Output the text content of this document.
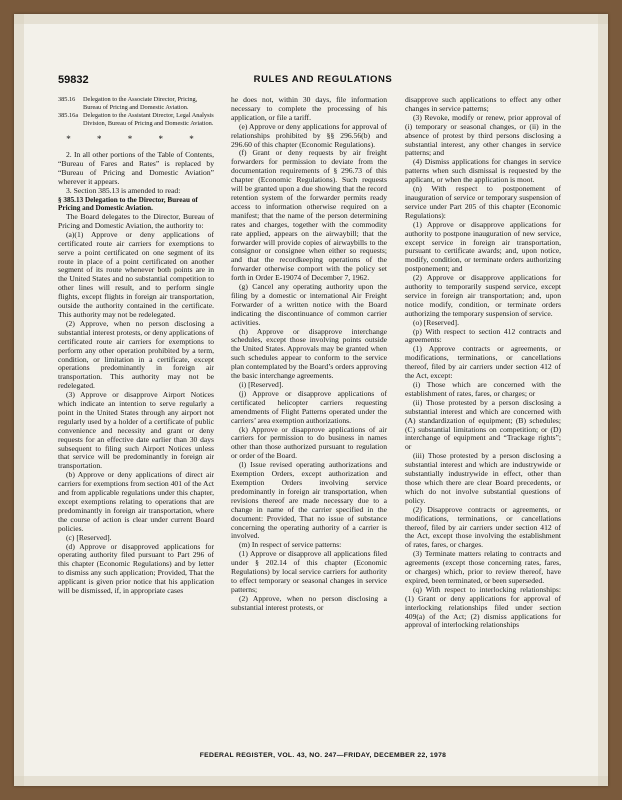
59832	RULES AND REGULATIONS
385.16	Delegation to the Associate Director, Pricing, Bureau of Pricing and Domestic Aviation.
385.16a Delegation to the Assistant Director, Legal Analysis Division, Bureau of Pricing and Domestic Aviation.
* * * * *

2. In all other portions of the Table of Contents, “Bureau of Fares and Rates” is replaced by “Bureau of Pricing and Domestic Aviation” wherever it appears.

3. Section 385.13 is amended to read:

§ 385.13 Delegation to the Director, Bureau of Pricing and Domestic Aviation.

The Board delegates to the Director, Bureau of Pricing and Domestic Aviation, the authority to:

(a)(1) Approve or deny applications of certificated route air carriers for exemptions to serve a point certificated on one segment of its route in place of a point certificated on another segment of its route whenever both points are in the United States and no substantial competition to other lines will result, and to perform single flights, except flights in foreign air transportation, outside the authority contained in the certificate. This authority may not be redelegated.

(2) Approve, when no person disclosing a substantial interest protests, or deny applications of certificated route air carriers for exemptions to perform any other operation prohibited by a term, condition, or limitation in a certificate, except operations predominantly in foreign air transportation. This authority may not be redelegated.

(3) Approve or disapprove Airport Notices which indicate an intention to serve regularly a point in the United States through any airport not regularly used by a holder of a certificate of public convenience and necessity and grant or deny requests for an effective date earlier than 30 days subsequent to filing such Airport Notices unless that service will be predominantly in foreign air transportation.

(b) Approve or deny applications of direct air carriers for exemptions from section 401 of the Act and from applicable regulations under this chapter, except exemptions relating to operations that are predominantly in foreign air transportation, where the course of action is clear under current Board policies.

(c) [Reserved].

(d) Approve or disapproved applications for operating authority filed pursuant to Part 296 of this chapter (Economic Regulations) and by letter to dismiss any such application; Provided, That the applicant is given prior notice that his application will be dismissed, if, in appropriate cases

he does not, within 30 days, file information necessary to complete the processing of his application, or file a tariff.

(e) Approve or deny applications for approval of relationships prohibited by §§ 296.56(b) and 296.60 of this chapter (Economic Regulations).

(f) Grant or deny requests by air freight forwarders for permission to deviate from the documentation requirements of § 296.73 of this chapter (Economic Regulations). Such requests will be granted upon a due showing that the record retention system of the forwarder permits ready access to information otherwise required on a manifest; that the name of the person determining rates and charges, together with the commodity rate applied, appears on the airwaybill; that the forwarder will provide copies of airwaybills to the consignor or consignee when either so requests; and that the recordkeeping operations of the forwarder otherwise comport with the policy set forth in Order E-19074 of December 7, 1962.

(g) Cancel any operating authority upon the filing by a domestic or international Air Freight Forwarder of a written notice with the Board indicating the discontinuance of common carrier activities.

(h) Approve or disapprove interchange schedules, except those involving points outside the United States. Approvals may be granted when such schedules appear to conform to the service plan contemplated by the Board’s orders approving the basic interchange agreements.

(i) [Reserved].

(j) Approve or disapprove applications of certificated helicopter carriers requesting amendments of Flight Patterns operated under the carriers’ area exemption authorizations.

(k) Approve or disapprove applications of air carriers for permission to do business in names other than those authorized pursuant to regulation or order of the Board.

(l) Issue revised operating authorizations and Exemption Orders, except authorization and Exemption Orders involving service predominantly in foreign air transportation, when revisions thereof are made necessary due to a change in name of the carrier specified in the document: Provided, That no issue of substance concerning the operating authority of a carrier is involved.

(m) In respect of service patterns:

(1) Approve or disapprove all applications filed under § 202.14 of this chapter (Economic Regulations) by local service carriers for authority to effect temporary or seasonal changes in service patterns;

(2) Approve, when no person disclosing a substantial interest protests, or

disapprove such applications to effect any other changes in service patterns;

(3) Revoke, modify or renew, prior approval of (i) temporary or seasonal changes, or (ii) in the absence of protest by third persons disclosing a substantial interest, any other changes in service patterns; and

(4) Dismiss applications for changes in service patterns when such dismissal is requested by the applicant, or when the application is moot.

(n) With respect to postponement of inauguration of service or temporary suspension of service under Part 205 of this chapter (Economic Regulations):

(1) Approve or disapprove applications for authority to postpone inauguration of new service, except service in foreign air transportation, pursuant to certificate awards; and, upon notice, modify, condition, or terminate orders authorizing postponement; and

(2) Approve or disapprove applications for authority to temporarily suspend service, except service in foreign air transportation; and, upon notice modify, condition, or terminate orders authorizing the temporary suspension of service.

(o) [Reserved].

(p) With respect to section 412 contracts and agreements:

(1) Approve contracts or agreements, or modifications, terminations, or cancellations thereof, filed by air carriers under section 412 of the Act, except:

(i) Those which are concerned with the establishment of rates, fares, or charges; or

(ii) Those protested by a person disclosing a substantial interest and which are concerned with (A) standardization of equipment; (B) schedules; (C) substantial limitations on competition; or (D) interchange of equipment and “Trackage rights”; or

(iii) Those protested by a person disclosing a substantial interest and which are industrywide or substantially industrywide in effect, other than those which there are clear Board precedents, or which do not involve substantial questions of policy.

(2) Disapprove contracts or agreements, or modifications, terminations, or cancellations thereof, filed by air carriers under section 412 of the Act, except those involving the establishment of rates, fares, or charges.

(3) Terminate matters relating to contracts and agreements (except those concerning rates, fares, or charges) which, prior to review thereof, have expired, been terminated, or been superseded.

(q) With respect to interlocking relationships: (1) Grant or deny applications for approval of interlocking relationships filed under section 409(a) of the Act; (2) dismiss applications for approval of interlocking relationships

FEDERAL REGISTER, VOL. 43, NO. 247—FRIDAY, DECEMBER 22, 1978
